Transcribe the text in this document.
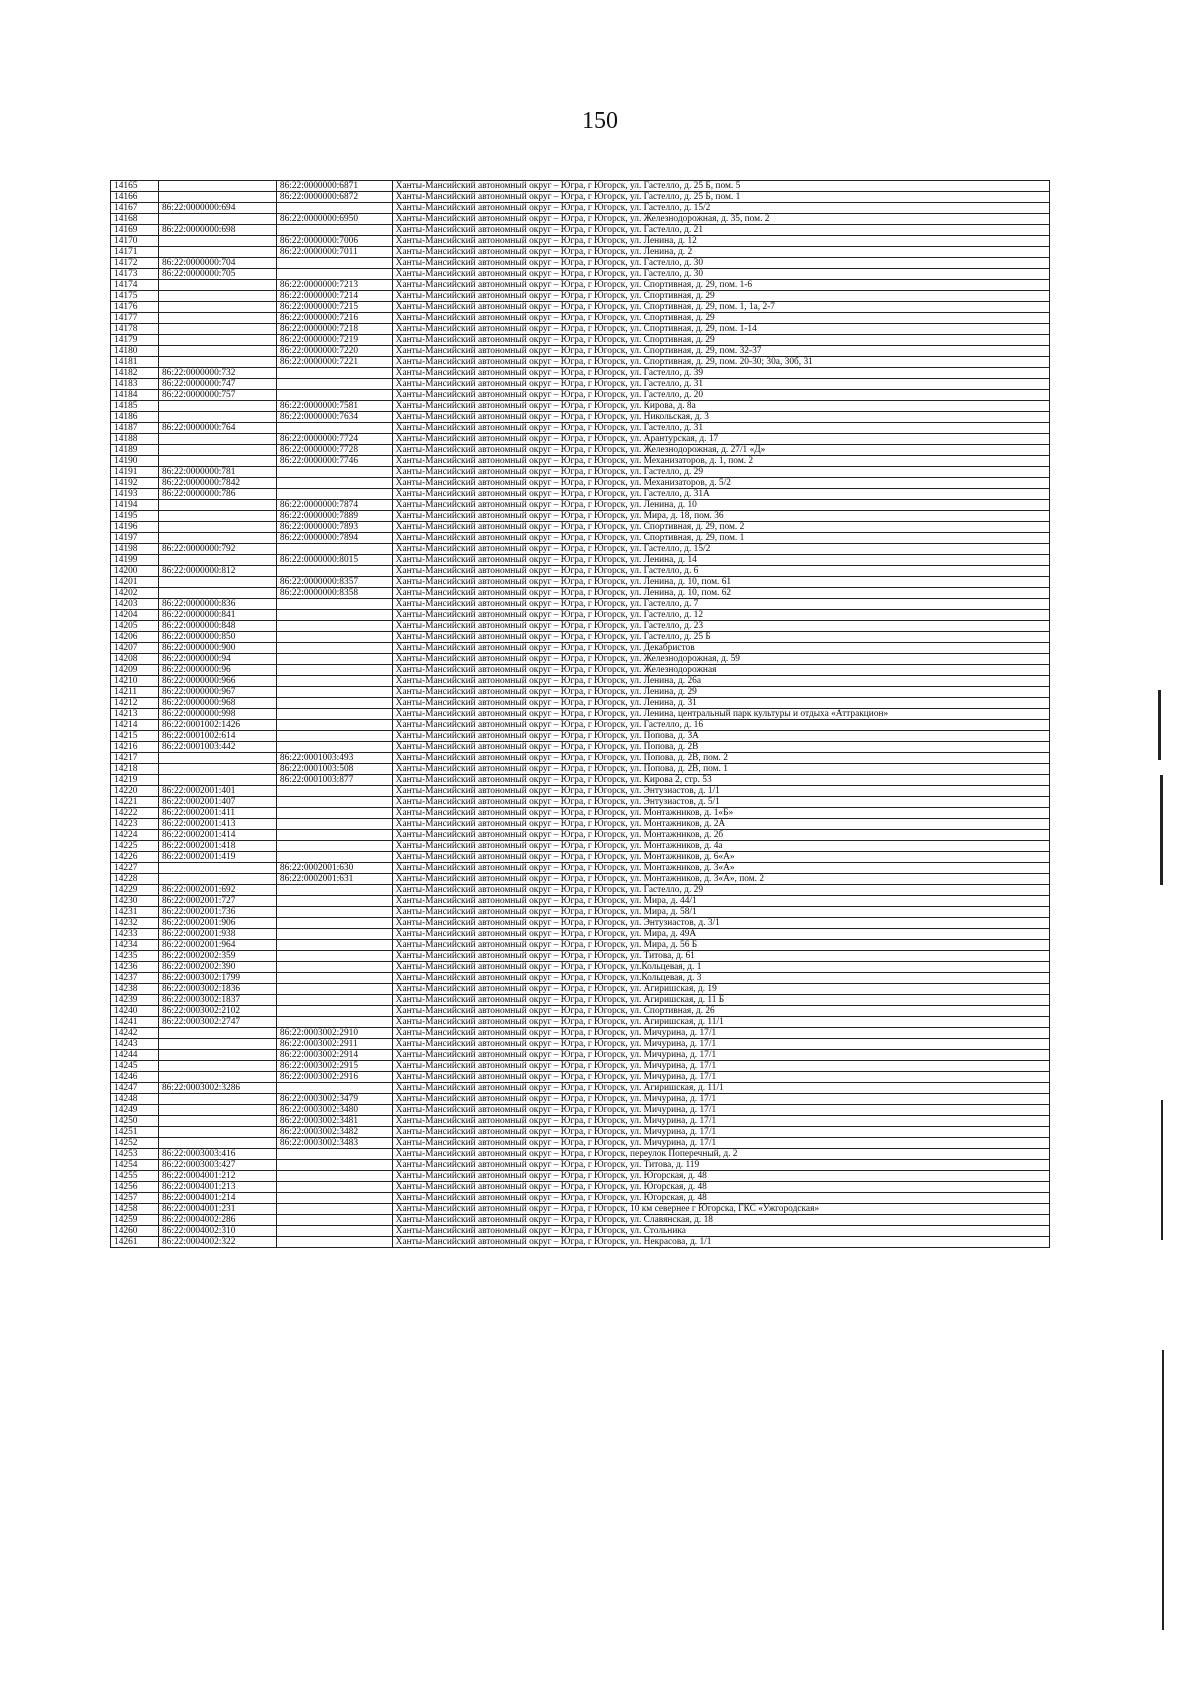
150
14165		86:22:0000000:6871	Ханты-Мансийский автономный округ – Югра, г Югорск, ул. Гастелло, д. 25 Б, пом. 5
14166		86:22:0000000:6872	Ханты-Мансийский автономный округ – Югра, г Югорск, ул. Гастелло, д. 25 Б, пом. 1
14167	86:22:0000000:694		Ханты-Мансийский автономный округ – Югра, г Югорск, ул. Гастелло, д. 15/2
14168		86:22:0000000:6950	Ханты-Мансийский автономный округ – Югра, г Югорск, ул. Железнодорожная, д. 35, пом. 2
14169	86:22:0000000:698		Ханты-Мансийский автономный округ – Югра, г Югорск, ул. Гастелло, д. 21
14170		86:22:0000000:7006	Ханты-Мансийский автономный округ – Югра, г Югорск, ул. Ленина, д. 12
14171		86:22:0000000:7011	Ханты-Мансийский автономный округ – Югра, г Югорск, ул. Ленина, д. 2
14172	86:22:0000000:704		Ханты-Мансийский автономный округ – Югра, г Югорск, ул. Гастелло, д. 30
14173	86:22:0000000:705		Ханты-Мансийский автономный округ – Югра, г Югорск, ул. Гастелло, д. 30
14174		86:22:0000000:7213	Ханты-Мансийский автономный округ – Югра, г Югорск, ул. Спортивная, д. 29, пом. 1-6
14175		86:22:0000000:7214	Ханты-Мансийский автономный округ – Югра, г Югорск, ул. Спортивная, д. 29
14176		86:22:0000000:7215	Ханты-Мансийский автономный округ – Югра, г Югорск, ул. Спортивная, д. 29, пом. 1, 1а, 2-7
14177		86:22:0000000:7216	Ханты-Мансийский автономный округ – Югра, г Югорск, ул. Спортивная, д. 29
14178		86:22:0000000:7218	Ханты-Мансийский автономный округ – Югра, г Югорск, ул. Спортивная, д. 29, пом. 1-14
14179		86:22:0000000:7219	Ханты-Мансийский автономный округ – Югра, г Югорск, ул. Спортивная, д. 29
14180		86:22:0000000:7220	Ханты-Мансийский автономный округ – Югра, г Югорск, ул. Спортивная, д. 29, пом. 32-37
14181		86:22:0000000:7221	Ханты-Мансийский автономный округ – Югра, г Югорск, ул. Спортивная, д. 29, пом. 20-30; 30а, 30б, 31
14182	86:22:0000000:732		Ханты-Мансийский автономный округ – Югра, г Югорск, ул. Гастелло, д. 39
14183	86:22:0000000:747		Ханты-Мансийский автономный округ – Югра, г Югорск, ул. Гастелло, д. 31
14184	86:22:0000000:757		Ханты-Мансийский автономный округ – Югра, г Югорск, ул. Гастелло, д. 20
14185		86:22:0000000:7581	Ханты-Мансийский автономный округ – Югра, г Югорск, ул. Кирова, д. 8а
14186		86:22:0000000:7634	Ханты-Мансийский автономный округ – Югра, г Югорск, ул. Никольская, д. 3
14187	86:22:0000000:764		Ханты-Мансийский автономный округ – Югра, г Югорск, ул. Гастелло, д. 31
14188		86:22:0000000:7724	Ханты-Мансийский автономный округ – Югра, г Югорск, ул. Арантурская, д. 17
14189		86:22:0000000:7728	Ханты-Мансийский автономный округ – Югра, г Югорск, ул. Железнодорожная, д. 27/1 «Д»
14190		86:22:0000000:7746	Ханты-Мансийский автономный округ – Югра, г Югорск, ул. Механизаторов, д. 1, пом. 2
14191	86:22:0000000:781		Ханты-Мансийский автономный округ – Югра, г Югорск, ул. Гастелло, д. 29
14192	86:22:0000000:7842		Ханты-Мансийский автономный округ – Югра, г Югорск, ул. Механизаторов, д. 5/2
14193	86:22:0000000:786		Ханты-Мансийский автономный округ – Югра, г Югорск, ул. Гастелло, д. 31А
14194		86:22:0000000:7874	Ханты-Мансийский автономный округ – Югра, г Югорск, ул. Ленина, д. 10
14195		86:22:0000000:7889	Ханты-Мансийский автономный округ – Югра, г Югорск, ул. Мира, д. 18, пом. 36
14196		86:22:0000000:7893	Ханты-Мансийский автономный округ – Югра, г Югорск, ул. Спортивная, д. 29, пом. 2
14197		86:22:0000000:7894	Ханты-Мансийский автономный округ – Югра, г Югорск, ул. Спортивная, д. 29, пом. 1
14198	86:22:0000000:792		Ханты-Мансийский автономный округ – Югра, г Югорск, ул. Гастелло, д. 15/2
14199		86:22:0000000:8015	Ханты-Мансийский автономный округ – Югра, г Югорск, ул. Ленина, д. 14
14200	86:22:0000000:812		Ханты-Мансийский автономный округ – Югра, г Югорск, ул. Гастелло, д. 6
14201		86:22:0000000:8357	Ханты-Мансийский автономный округ – Югра, г Югорск, ул. Ленина, д. 10, пом. 61
14202		86:22:0000000:8358	Ханты-Мансийский автономный округ – Югра, г Югорск, ул. Ленина, д. 10, пом. 62
14203	86:22:0000000:836		Ханты-Мансийский автономный округ – Югра, г Югорск, ул. Гастелло, д. 7
14204	86:22:0000000:841		Ханты-Мансийский автономный округ – Югра, г Югорск, ул. Гастелло, д. 12
14205	86:22:0000000:848		Ханты-Мансийский автономный округ – Югра, г Югорск, ул. Гастелло, д. 23
14206	86:22:0000000:850		Ханты-Мансийский автономный округ – Югра, г Югорск, ул. Гастелло, д. 25 Б
14207	86:22:0000000:900		Ханты-Мансийский автономный округ – Югра, г Югорск, ул. Декабристов
14208	86:22:0000000:94		Ханты-Мансийский автономный округ – Югра, г Югорск, ул. Железнодорожная, д. 59
14209	86:22:0000000:96		Ханты-Мансийский автономный округ – Югра, г Югорск, ул. Железнодорожная
14210	86:22:0000000:966		Ханты-Мансийский автономный округ – Югра, г Югорск, ул. Ленина, д. 26а
14211	86:22:0000000:967		Ханты-Мансийский автономный округ – Югра, г Югорск, ул. Ленина, д. 29
14212	86:22:0000000:968		Ханты-Мансийский автономный округ – Югра, г Югорск, ул. Ленина, д. 31
14213	86:22:0000000:998		Ханты-Мансийский автономный округ – Югра, г Югорск, ул. Ленина, центральный парк культуры и отдыха «Аттракцион»
14214	86:22:0001002:1426		Ханты-Мансийский автономный округ – Югра, г Югорск, ул. Гастелло, д. 16
14215	86:22:0001002:614		Ханты-Мансийский автономный округ – Югра, г Югорск, ул. Попова, д. 3А
14216	86:22:0001003:442		Ханты-Мансийский автономный округ – Югра, г Югорск, ул. Попова, д. 2В
14217		86:22:0001003:493	Ханты-Мансийский автономный округ – Югра, г Югорск, ул. Попова, д. 2В, пом. 2
14218		86:22:0001003:508	Ханты-Мансийский автономный округ – Югра, г Югорск, ул. Попова, д. 2В, пом. 1
14219		86:22:0001003:877	Ханты-Мансийский автономный округ – Югра, г Югорск, ул. Кирова 2, стр. 53
14220	86:22:0002001:401		Ханты-Мансийский автономный округ – Югра, г Югорск, ул. Энтузиастов, д. 1/1
14221	86:22:0002001:407		Ханты-Мансийский автономный округ – Югра, г Югорск, ул. Энтузиастов, д. 5/1
14222	86:22:0002001:411		Ханты-Мансийский автономный округ – Югра, г Югорск, ул. Монтажников, д. 1«Б»
14223	86:22:0002001:413		Ханты-Мансийский автономный округ – Югра, г Югорск, ул. Монтажников, д. 2А
14224	86:22:0002001:414		Ханты-Мансийский автономный округ – Югра, г Югорск, ул. Монтажников, д. 2б
14225	86:22:0002001:418		Ханты-Мансийский автономный округ – Югра, г Югорск, ул. Монтажников, д. 4а
14226	86:22:0002001:419		Ханты-Мансийский автономный округ – Югра, г Югорск, ул. Монтажников, д. 6«А»
14227		86:22:0002001:630	Ханты-Мансийский автономный округ – Югра, г Югорск, ул. Монтажников, д. 3«А»
14228		86:22:0002001:631	Ханты-Мансийский автономный округ – Югра, г Югорск, ул. Монтажников, д. 3«А», пом. 2
14229	86:22:0002001:692		Ханты-Мансийский автономный округ – Югра, г Югорск, ул. Гастелло, д. 29
14230	86:22:0002001:727		Ханты-Мансийский автономный округ – Югра, г Югорск, ул. Мира, д. 44/1
14231	86:22:0002001:736		Ханты-Мансийский автономный округ – Югра, г Югорск, ул. Мира, д. 58/1
14232	86:22:0002001:906		Ханты-Мансийский автономный округ – Югра, г Югорск, ул. Энтузиастов, д. 3/1
14233	86:22:0002001:938		Ханты-Мансийский автономный округ – Югра, г Югорск, ул. Мира, д. 49А
14234	86:22:0002001:964		Ханты-Мансийский автономный округ – Югра, г Югорск, ул. Мира, д. 56 Б
14235	86:22:0002002:359		Ханты-Мансийский автономный округ – Югра, г Югорск, ул. Титова, д. 61
14236	86:22:0002002:390		Ханты-Мансийский автономный округ – Югра, г Югорск, ул.Кольцевая, д. 1
14237	86:22:0003002:1799		Ханты-Мансийский автономный округ – Югра, г Югорск, ул.Кольцевая, д. 3
14238	86:22:0003002:1836		Ханты-Мансийский автономный округ – Югра, г Югорск, ул. Агиришская, д. 19
14239	86:22:0003002:1837		Ханты-Мансийский автономный округ – Югра, г Югорск, ул. Агиришская, д. 11 Б
14240	86:22:0003002:2102		Ханты-Мансийский автономный округ – Югра, г Югорск, ул. Спортивная, д. 26
14241	86:22:0003002:2747		Ханты-Мансийский автономный округ – Югра, г Югорск, ул. Агиришская, д. 11/1
14242		86:22:0003002:2910	Ханты-Мансийский автономный округ – Югра, г Югорск, ул. Мичурина, д. 17/1
14243		86:22:0003002:2911	Ханты-Мансийский автономный округ – Югра, г Югорск, ул. Мичурина, д. 17/1
14244		86:22:0003002:2914	Ханты-Мансийский автономный округ – Югра, г Югорск, ул. Мичурина, д. 17/1
14245		86:22:0003002:2915	Ханты-Мансийский автономный округ – Югра, г Югорск, ул. Мичурина, д. 17/1
14246		86:22:0003002:2916	Ханты-Мансийский автономный округ – Югра, г Югорск, ул. Мичурина, д. 17/1
14247	86:22:0003002:3286		Ханты-Мансийский автономный округ – Югра, г Югорск, ул. Агиришская, д. 11/1
14248		86:22:0003002:3479	Ханты-Мансийский автономный округ – Югра, г Югорск, ул. Мичурина, д. 17/1
14249		86:22:0003002:3480	Ханты-Мансийский автономный округ – Югра, г Югорск, ул. Мичурина, д. 17/1
14250		86:22:0003002:3481	Ханты-Мансийский автономный округ – Югра, г Югорск, ул. Мичурина, д. 17/1
14251		86:22:0003002:3482	Ханты-Мансийский автономный округ – Югра, г Югорск, ул. Мичурина, д. 17/1
14252		86:22:0003002:3483	Ханты-Мансийский автономный округ – Югра, г Югорск, ул. Мичурина, д. 17/1
14253	86:22:0003003:416		Ханты-Мансийский автономный округ – Югра, г Югорск, переулок Поперечный, д. 2
14254	86:22:0003003:427		Ханты-Мансийский автономный округ – Югра, г Югорск, ул. Титова, д. 119
14255	86:22:0004001:212		Ханты-Мансийский автономный округ – Югра, г Югорск, ул. Югорская, д. 48
14256	86:22:0004001:213		Ханты-Мансийский автономный округ – Югра, г Югорск, ул. Югорская, д. 48
14257	86:22:0004001:214		Ханты-Мансийский автономный округ – Югра, г Югорск, ул. Югорская, д. 48
14258	86:22:0004001:231		Ханты-Мансийский автономный округ – Югра, г Югорск, 10 км севернее г Югорска, ГКС «Ужгородская»
14259	86:22:0004002:286		Ханты-Мансийский автономный округ – Югра, г Югорск, ул. Славянская, д. 18
14260	86:22:0004002:310		Ханты-Мансийский автономный округ – Югра, г Югорск, ул. Стольника
14261	86:22:0004002:322		Ханты-Мансийский автономный округ – Югра, г Югорск, ул. Некрасова, д. 1/1
